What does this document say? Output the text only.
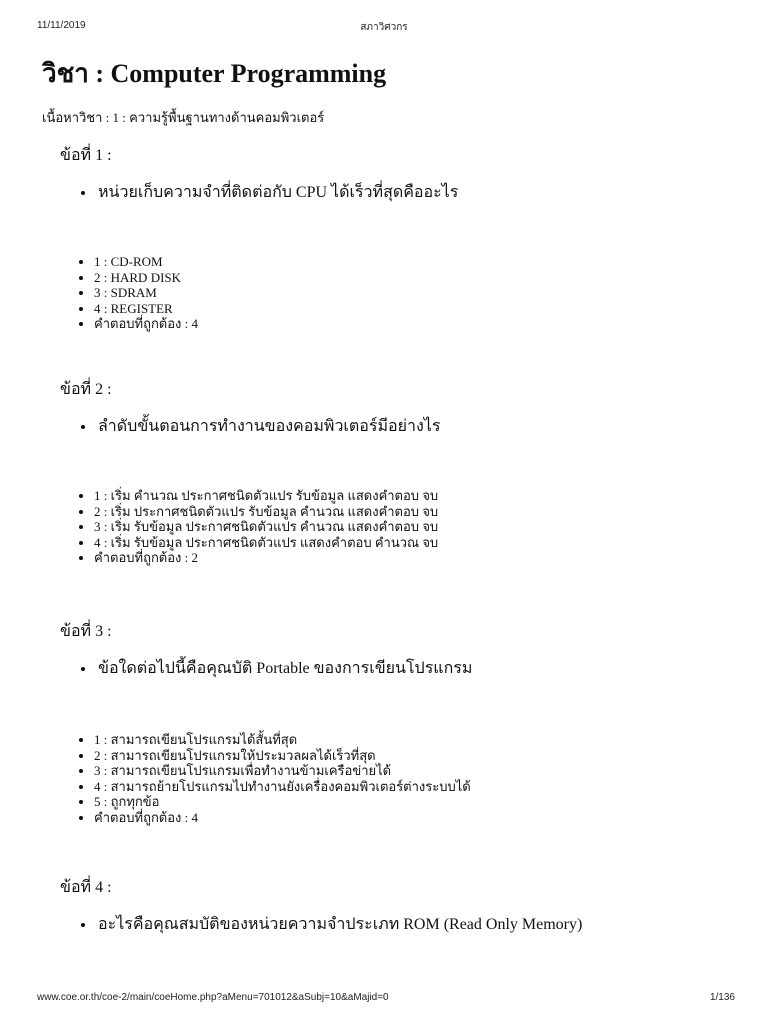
11/11/2019	สภาวิศวกร
วิชา : Computer Programming
เนื้อหาวิชา : 1 : ความรู้พื้นฐานทางด้านคอมพิวเตอร์
ข้อที่ 1 :
• หน่วยเก็บความจำที่ติดต่อกับ CPU ได้เร็วที่สุดคืออะไร
• 1 : CD-ROM
• 2 : HARD DISK
• 3 : SDRAM
• 4 : REGISTER
• คำตอบที่ถูกต้อง : 4
ข้อที่ 2 :
• ลำดับขั้นตอนการทำงานของคอมพิวเตอร์มีอย่างไร
• 1 : เริ่ม คำนวณ ประกาศชนิดตัวแปร รับข้อมูล แสดงคำตอบ จบ
• 2 : เริ่ม ประกาศชนิดตัวแปร รับข้อมูล คำนวณ แสดงคำตอบ จบ
• 3 : เริ่ม รับข้อมูล ประกาศชนิดตัวแปร คำนวณ แสดงคำตอบ จบ
• 4 : เริ่ม รับข้อมูล ประกาศชนิดตัวแปร แสดงคำตอบ คำนวณ จบ
• คำตอบที่ถูกต้อง : 2
ข้อที่ 3 :
• ข้อใดต่อไปนี้คือคุณบัติ Portable ของการเขียนโปรแกรม
• 1 : สามารถเขียนโปรแกรมได้สั้นที่สุด
• 2 : สามารถเขียนโปรแกรมให้ประมวลผลได้เร็วที่สุด
• 3 : สามารถเขียนโปรแกรมเพื่อทำงานข้ามเครือข่ายได้
• 4 : สามารถย้ายโปรแกรมไปทำงานยังเครื่องคอมพิวเตอร์ต่างระบบได้
• 5 : ถูกทุกข้อ
• คำตอบที่ถูกต้อง : 4
ข้อที่ 4 :
• อะไรคือคุณสมบัติของหน่วยความจำประเภท ROM (Read Only Memory)
www.coe.or.th/coe-2/main/coeHome.php?aMenu=701012&aSubj=10&aMajid=0	1/136
